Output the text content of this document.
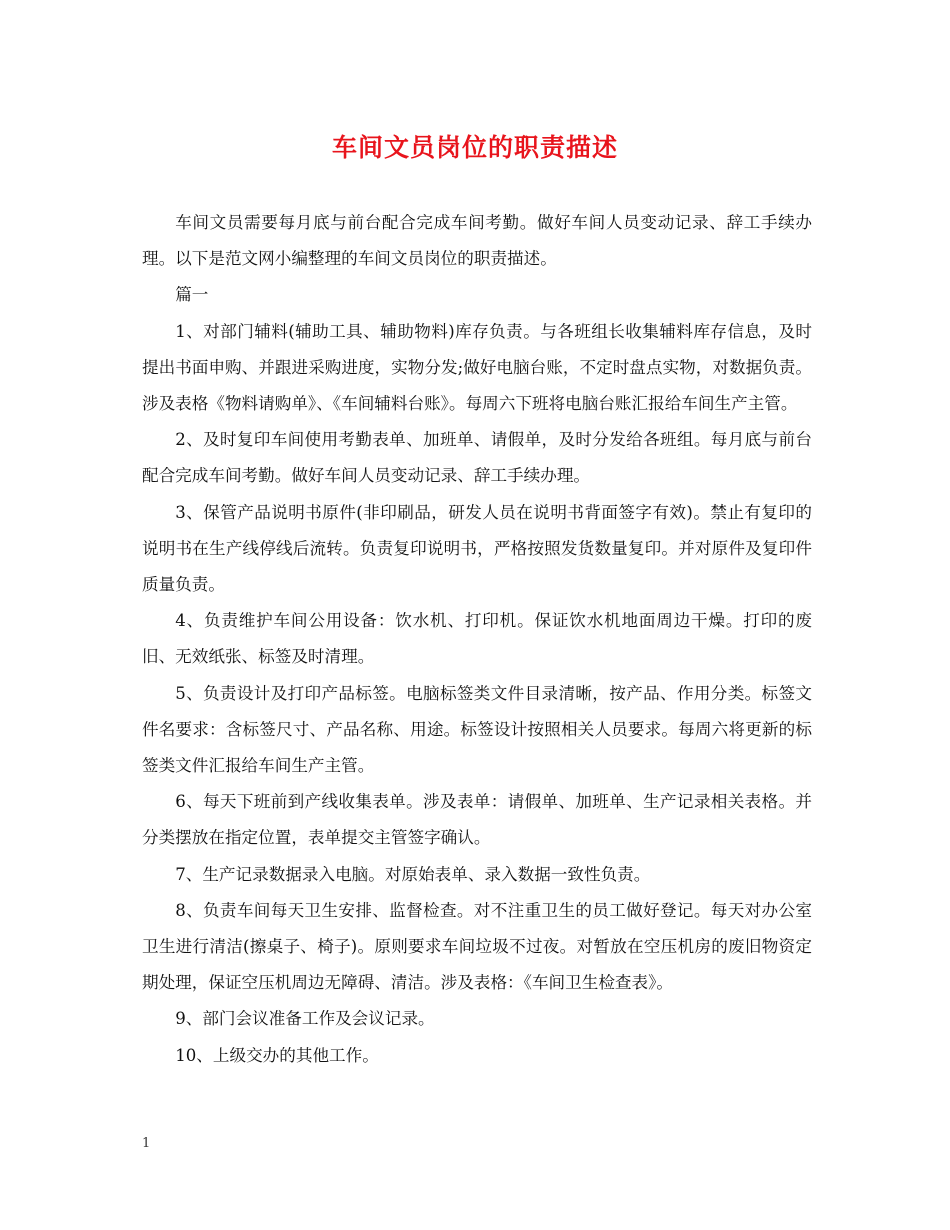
车间文员岗位的职责描述

车间文员需要每月底与前台配合完成车间考勤。做好车间人员变动记录、辞工手续办理。以下是范文网小编整理的车间文员岗位的职责描述。

篇一

1、对部门辅料(辅助工具、辅助物料)库存负责。与各班组长收集辅料库存信息，及时提出书面申购、并跟进采购进度，实物分发;做好电脑台账，不定时盘点实物，对数据负责。涉及表格《物料请购单》、《车间辅料台账》。每周六下班将电脑台账汇报给车间生产主管。

2、及时复印车间使用考勤表单、加班单、请假单，及时分发给各班组。每月底与前台配合完成车间考勤。做好车间人员变动记录、辞工手续办理。

3、保管产品说明书原件(非印刷品，研发人员在说明书背面签字有效)。禁止有复印的说明书在生产线停线后流转。负责复印说明书，严格按照发货数量复印。并对原件及复印件质量负责。

4、负责维护车间公用设备：饮水机、打印机。保证饮水机地面周边干燥。打印的废旧、无效纸张、标签及时清理。

5、负责设计及打印产品标签。电脑标签类文件目录清晰，按产品、作用分类。标签文件名要求：含标签尺寸、产品名称、用途。标签设计按照相关人员要求。每周六将更新的标签类文件汇报给车间生产主管。

6、每天下班前到产线收集表单。涉及表单：请假单、加班单、生产记录相关表格。并分类摆放在指定位置，表单提交主管签字确认。

7、生产记录数据录入电脑。对原始表单、录入数据一致性负责。

8、负责车间每天卫生安排、监督检查。对不注重卫生的员工做好登记。每天对办公室卫生进行清洁(擦桌子、椅子)。原则要求车间垃圾不过夜。对暂放在空压机房的废旧物资定期处理，保证空压机周边无障碍、清洁。涉及表格：《车间卫生检查表》。

9、部门会议准备工作及会议记录。

10、上级交办的其他工作。

1
